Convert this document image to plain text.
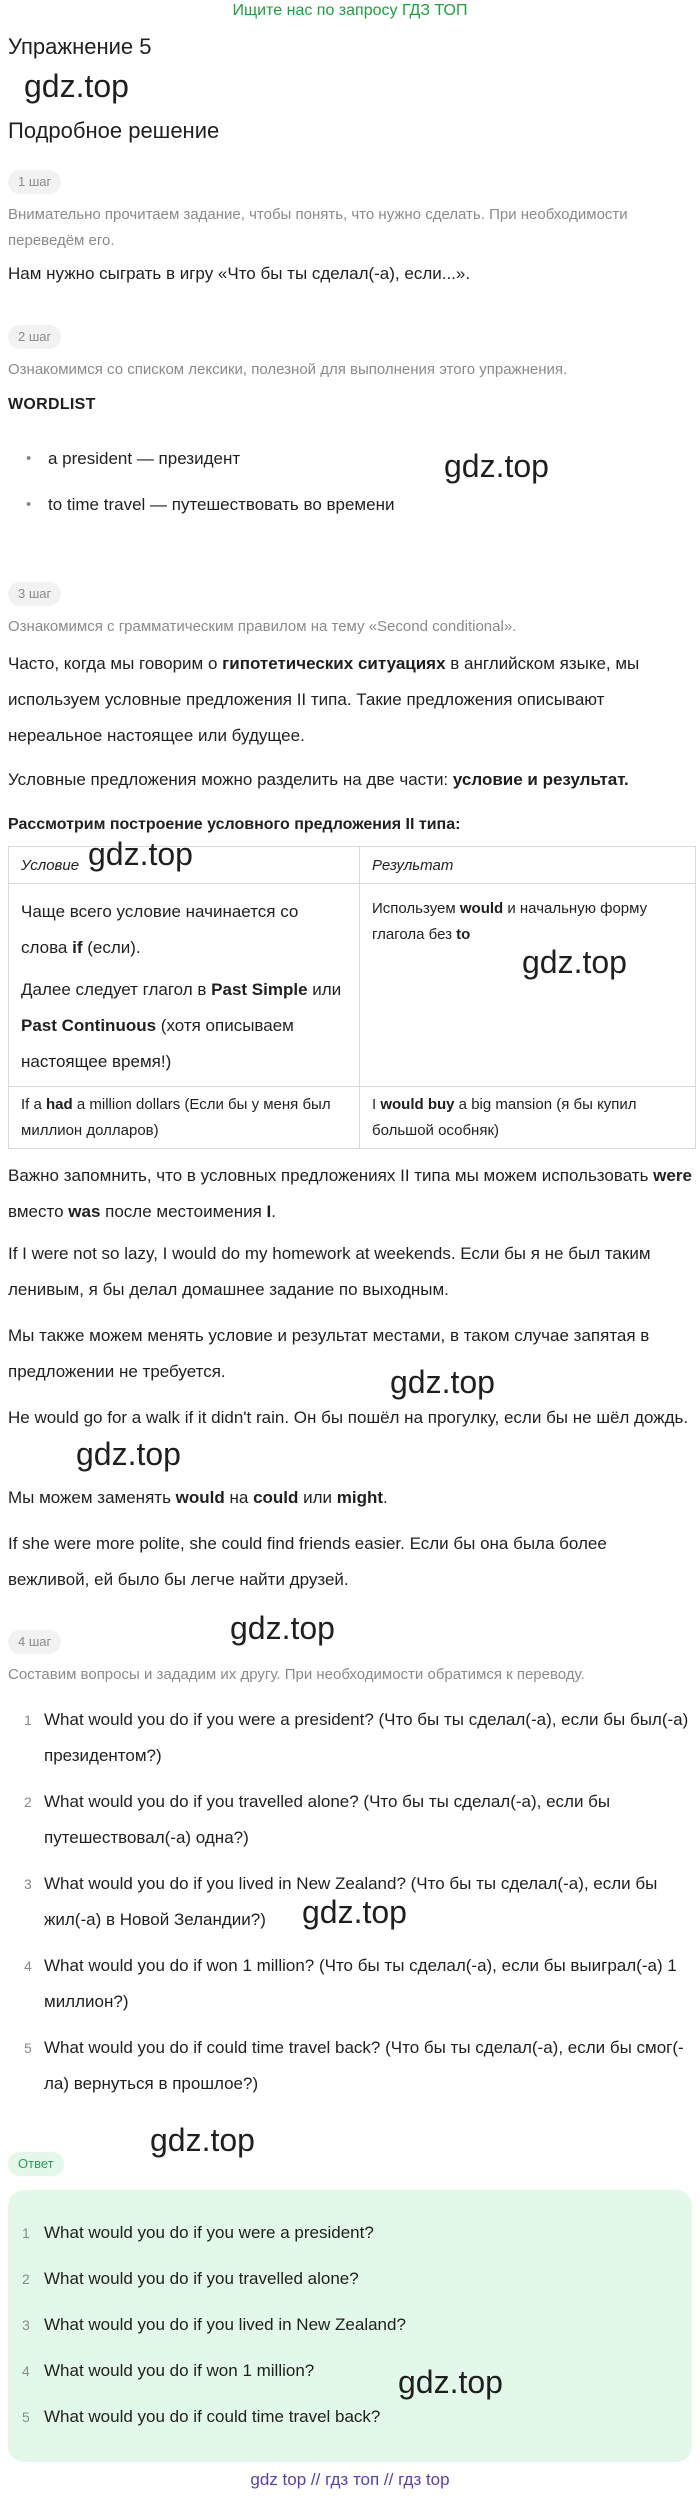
Ищите нас по запросу ГДЗ ТОП
Упражнение 5
gdz.top
Подробное решение
1 шаг
Внимательно прочитаем задание, чтобы понять, что нужно сделать. При необходимости переведём его.
Нам нужно сыграть в игру «Что бы ты сделал(-а), если...».
2 шаг
Ознакомимся со списком лексики, полезной для выполнения этого упражнения.
WORDLIST
• a president — президент
• to time travel — путешествовать во времени
gdz.top
3 шаг
Ознакомимся с грамматическим правилом на тему «Second conditional».
Часто, когда мы говорим о гипотетических ситуациях в английском языке, мы используем условные предложения II типа. Такие предложения описывают нереальное настоящее или будущее.
Условные предложения можно разделить на две части: условие и результат.
Рассмотрим построение условного предложения II типа:
Условие	Результат

Чаще всего условие начинается со слова if (если).

Далее следует глагол в Past Simple или Past Continuous (хотя описываем настоящее время!)	Используем would и начальную форму глагола без to
If a had a million dollars (Если бы у меня был миллион долларов)	I would buy a big mansion (я бы купил большой особняк)
gdz.top
gdz.top
Важно запомнить, что в условных предложениях II типа мы можем использовать were вместо was после местоимения I.
If I were not so lazy, I would do my homework at weekends. Если бы я не был таким ленивым, я бы делал домашнее задание по выходным.
Мы также можем менять условие и результат местами, в таком случае запятая в предложении не требуется.	gdz.top
He would go for a walk if it didn't rain. Он бы пошёл на прогулку, если бы не шёл дождь.
gdz.top
Мы можем заменять would на could или might.
If she were more polite, she could find friends easier. Если бы она была более вежливой, ей было бы легче найти друзей.
gdz.top
4 шаг
Составим вопросы и зададим их другу. При необходимости обратимся к переводу.
1 What would you do if you were a president? (Что бы ты сделал(-а), если бы был(-а) президентом?)
2 What would you do if you travelled alone? (Что бы ты сделал(-а), если бы путешествовал(-а) одна?)
3 What would you do if you lived in New Zealand? (Что бы ты сделал(-а), если бы жил(-а) в Новой Зеландии?)
4 What would you do if won 1 million? (Что бы ты сделал(-а), если бы выиграл(-а) 1 миллион?)
5 What would you do if could time travel back? (Что бы ты сделал(-а), если бы смог(-ла) вернуться в прошлое?)
gdz.top
gdz.top
Ответ
1 What would you do if you were a president?
2 What would you do if you travelled alone?
3 What would you do if you lived in New Zealand?
4 What would you do if won 1 million?
5 What would you do if could time travel back?
gdz.top
gdz top // гдз топ // гдз top
